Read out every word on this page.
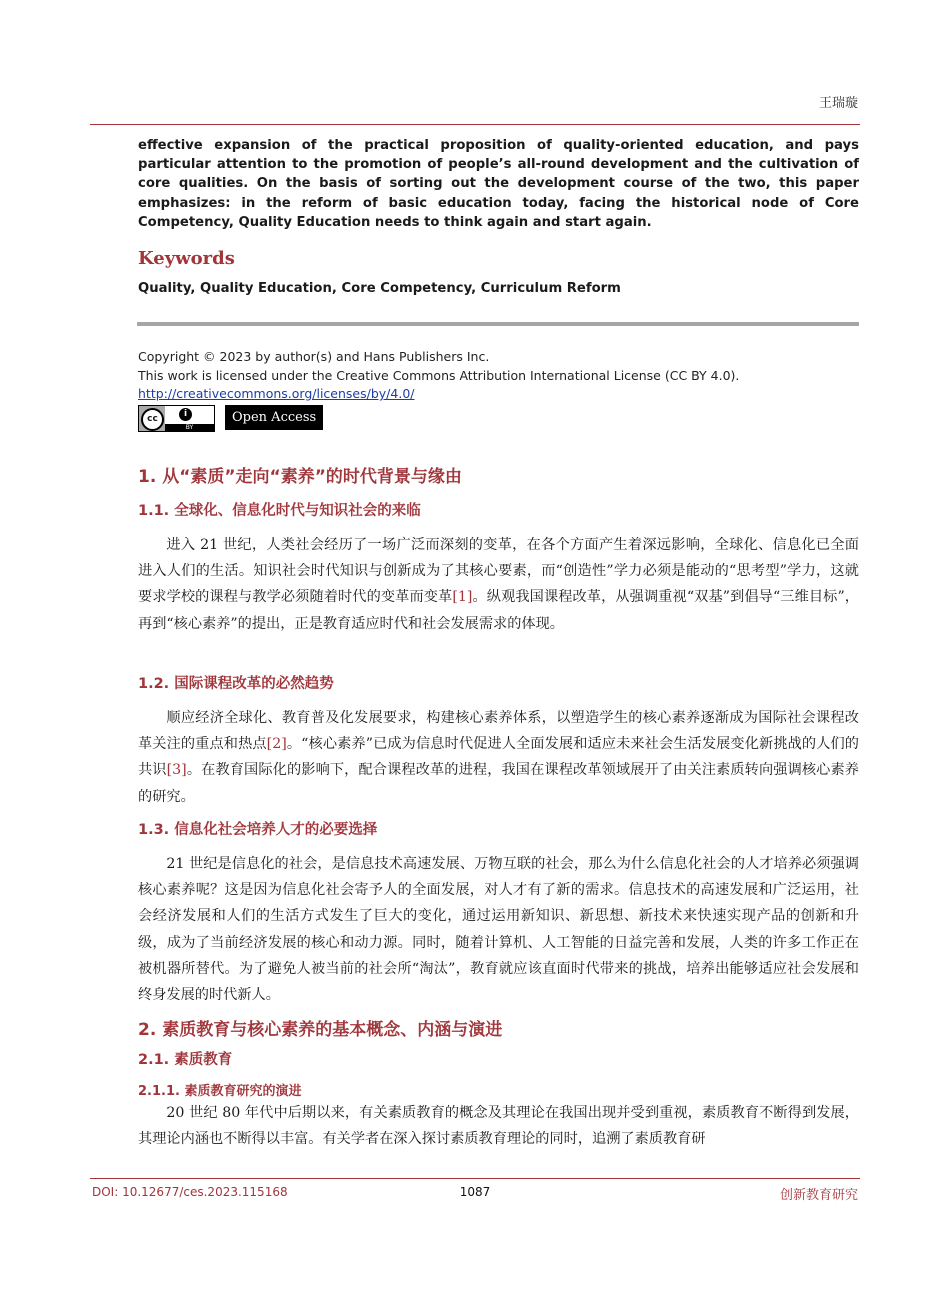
王瑞璇
effective expansion of the practical proposition of quality-oriented education, and pays particular attention to the promotion of people’s all-round development and the cultivation of core qualities. On the basis of sorting out the development course of the two, this paper emphasizes: in the reform of basic education today, facing the historical node of Core Competency, Quality Education needs to think again and start again.
Keywords
Quality, Quality Education, Core Competency, Curriculum Reform
Copyright © 2023 by author(s) and Hans Publishers Inc.
This work is licensed under the Creative Commons Attribution International License (CC BY 4.0).
http://creativecommons.org/licenses/by/4.0/
cc	i
BY
Open Access
1. 从“素质”走向“素养”的时代背景与缘由
1.1. 全球化、信息化时代与知识社会的来临
进入 21 世纪，人类社会经历了一场广泛而深刻的变革，在各个方面产生着深远影响，全球化、信息化已全面进入人们的生活。知识社会时代知识与创新成为了其核心要素，而“创造性”学力必须是能动的“思考型”学力，这就要求学校的课程与教学必须随着时代的变革而变革[1]。纵观我国课程改革，从强调重视“双基”到倡导“三维目标”，再到“核心素养”的提出，正是教育适应时代和社会发展需求的体现。
1.2. 国际课程改革的必然趋势
顺应经济全球化、教育普及化发展要求，构建核心素养体系，以塑造学生的核心素养逐渐成为国际社会课程改革关注的重点和热点[2]。“核心素养”已成为信息时代促进人全面发展和适应未来社会生活发展变化新挑战的人们的共识[3]。在教育国际化的影响下，配合课程改革的进程，我国在课程改革领域展开了由关注素质转向强调核心素养的研究。
1.3. 信息化社会培养人才的必要选择
21 世纪是信息化的社会，是信息技术高速发展、万物互联的社会，那么为什么信息化社会的人才培养必须强调核心素养呢？这是因为信息化社会寄予人的全面发展，对人才有了新的需求。信息技术的高速发展和广泛运用，社会经济发展和人们的生活方式发生了巨大的变化，通过运用新知识、新思想、新技术来快速实现产品的创新和升级，成为了当前经济发展的核心和动力源。同时，随着计算机、人工智能的日益完善和发展，人类的许多工作正在被机器所替代。为了避免人被当前的社会所“淘汰”，教育就应该直面时代带来的挑战，培养出能够适应社会发展和终身发展的时代新人。
2. 素质教育与核心素养的基本概念、内涵与演进
2.1. 素质教育
2.1.1. 素质教育研究的演进
20 世纪 80 年代中后期以来，有关素质教育的概念及其理论在我国出现并受到重视，素质教育不断得到发展，其理论内涵也不断得以丰富。有关学者在深入探讨素质教育理论的同时，追溯了素质教育研
DOI: 10.12677/ces.2023.115168	1087	创新教育研究
